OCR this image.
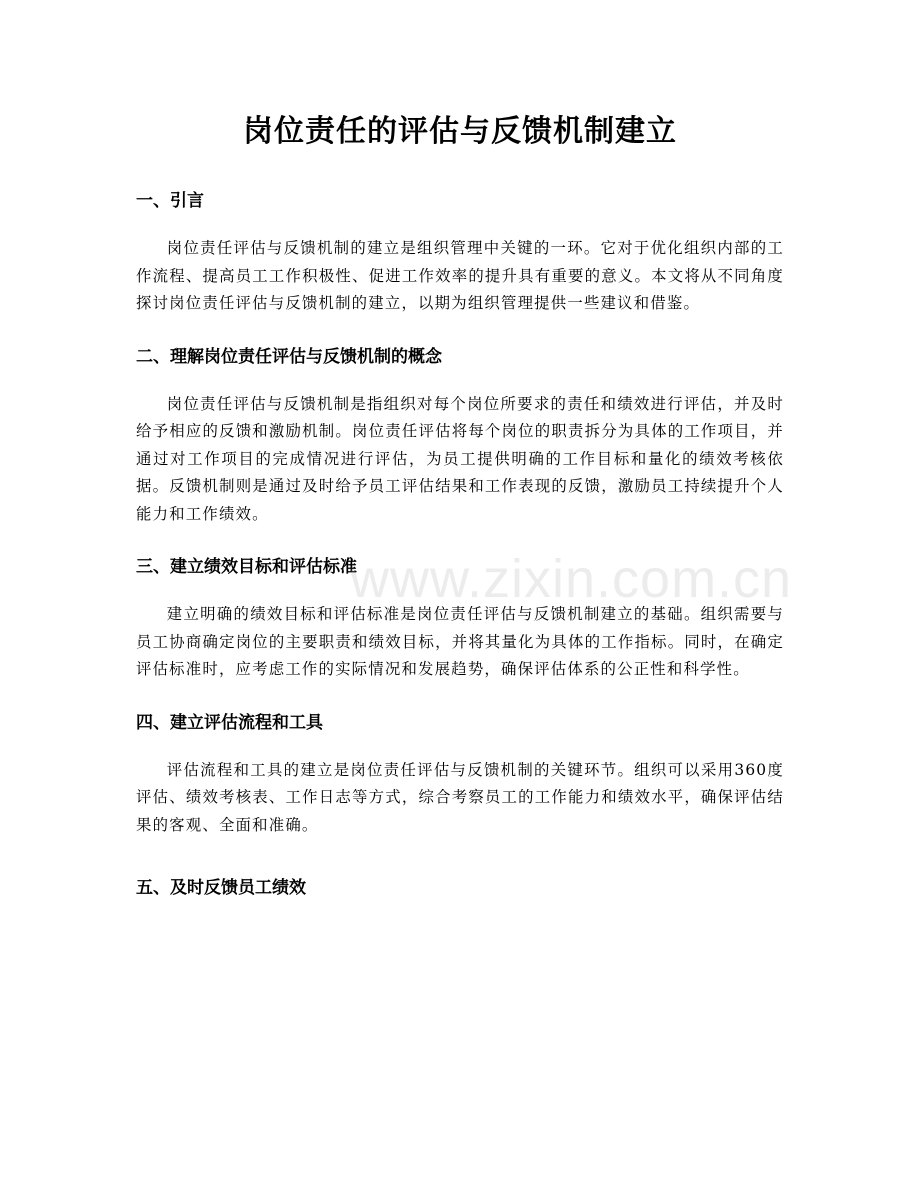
岗位责任的评估与反馈机制建立
一、引言

岗位责任评估与反馈机制的建立是组织管理中关键的一环。它对于优化组织内部的工作流程、提高员工工作积极性、促进工作效率的提升具有重要的意义。本文将从不同角度探讨岗位责任评估与反馈机制的建立，以期为组织管理提供一些建议和借鉴。

二、理解岗位责任评估与反馈机制的概念

岗位责任评估与反馈机制是指组织对每个岗位所要求的责任和绩效进行评估，并及时给予相应的反馈和激励机制。岗位责任评估将每个岗位的职责拆分为具体的工作项目，并通过对工作项目的完成情况进行评估，为员工提供明确的工作目标和量化的绩效考核依据。反馈机制则是通过及时给予员工评估结果和工作表现的反馈，激励员工持续提升个人能力和工作绩效。

三、建立绩效目标和评估标准

建立明确的绩效目标和评估标准是岗位责任评估与反馈机制建立的基础。组织需要与员工协商确定岗位的主要职责和绩效目标，并将其量化为具体的工作指标。同时，在确定评估标准时，应考虑工作的实际情况和发展趋势，确保评估体系的公正性和科学性。

四、建立评估流程和工具

评估流程和工具的建立是岗位责任评估与反馈机制的关键环节。组织可以采用360度评估、绩效考核表、工作日志等方式，综合考察员工的工作能力和绩效水平，确保评估结果的客观、全面和准确。

五、及时反馈员工绩效
www.zixin.com.cn
